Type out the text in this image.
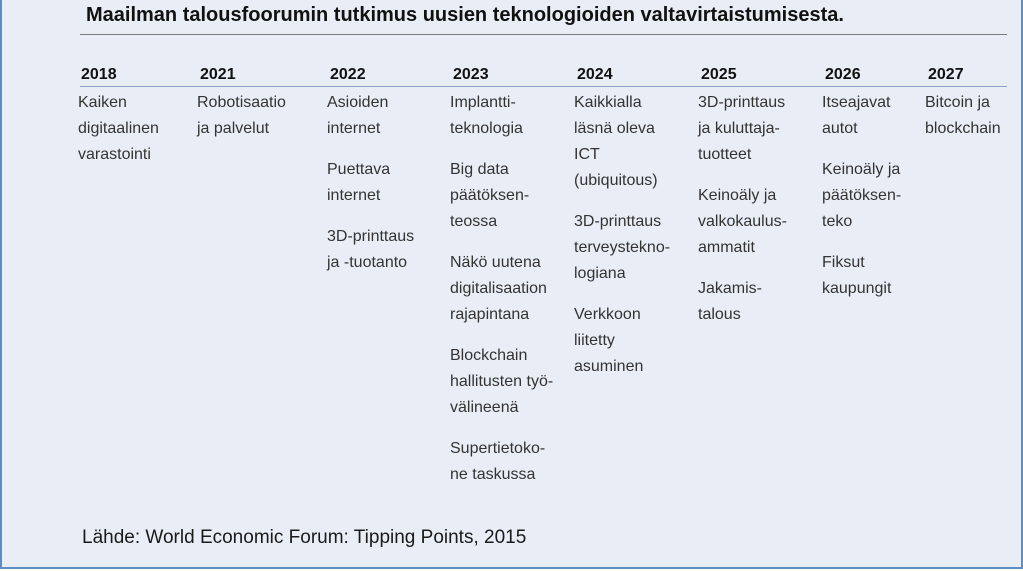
Maailman talousfoorumin tutkimus uusien teknologioiden valtavirtaistumisesta.
2018
Kaiken
digitaalinen
varastointi
2021
Robotisaatio
ja palvelut
2022
Asioiden
internet
Puettava
internet
3D-printtaus
ja -tuotanto
2023
Implantti-
teknologia
Big data
päätöksen-
teossa
Näkö uutena
digitalisaation
rajapintana
Blockchain
hallitusten työ-
välineenä
Supertietoko-
ne taskussa
2024
Kaikkialla
läsnä oleva
ICT
(ubiquitous)
3D-printtaus
terveystekno-
logiana
Verkkoon
liitetty
asuminen
2025
3D-printtaus
ja kuluttaja-
tuotteet
Keinoäly ja
valkokaulus-
ammatit
Jakamis-
talous
2026
Itseajavat
autot
Keinoäly ja
päätöksen-
teko
Fiksut
kaupungit
2027
Bitcoin ja
blockchain
Lähde: World Economic Forum: Tipping Points, 2015
